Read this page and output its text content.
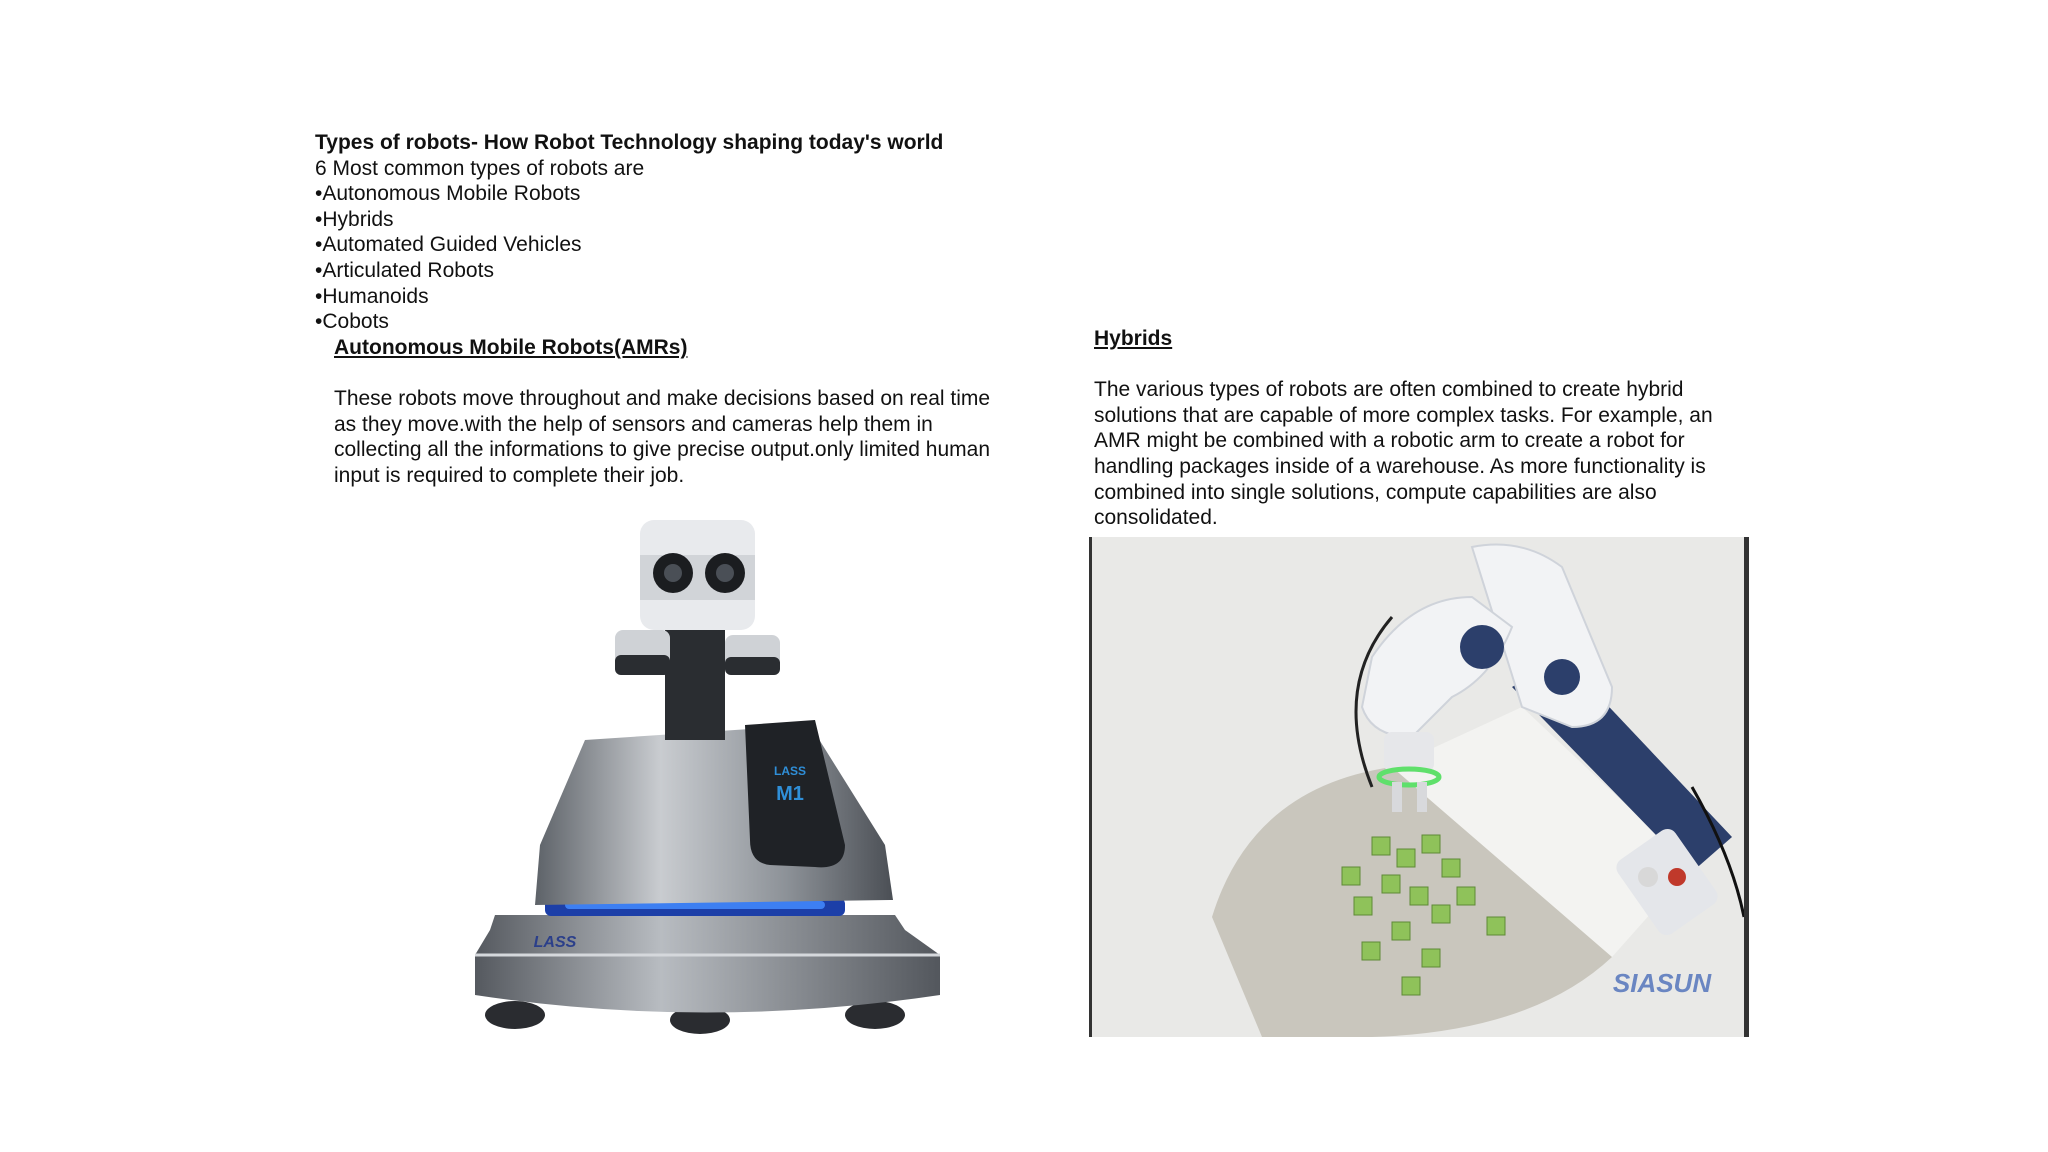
Types of robots- How Robot Technology shaping today's world
6 Most common types of robots are
• Autonomous Mobile Robots
• Hybrids
• Automated Guided Vehicles
• Articulated Robots
• Humanoids
• Cobots
Autonomous Mobile Robots(AMRs)

These robots move throughout and make decisions based on real time as they move.with the help of sensors and cameras help them in collecting all the informations to give precise output.only limited human input is required to complete their job.

Hybrids

The various types of robots are often combined to create hybrid solutions that are capable of more complex tasks. For example, an AMR might be combined with a robotic arm to create a robot for handling packages inside of a warehouse. As more functionality is combined into single solutions, compute capabilities are also consolidated.

LASS
M1
LASS
SIASUN
